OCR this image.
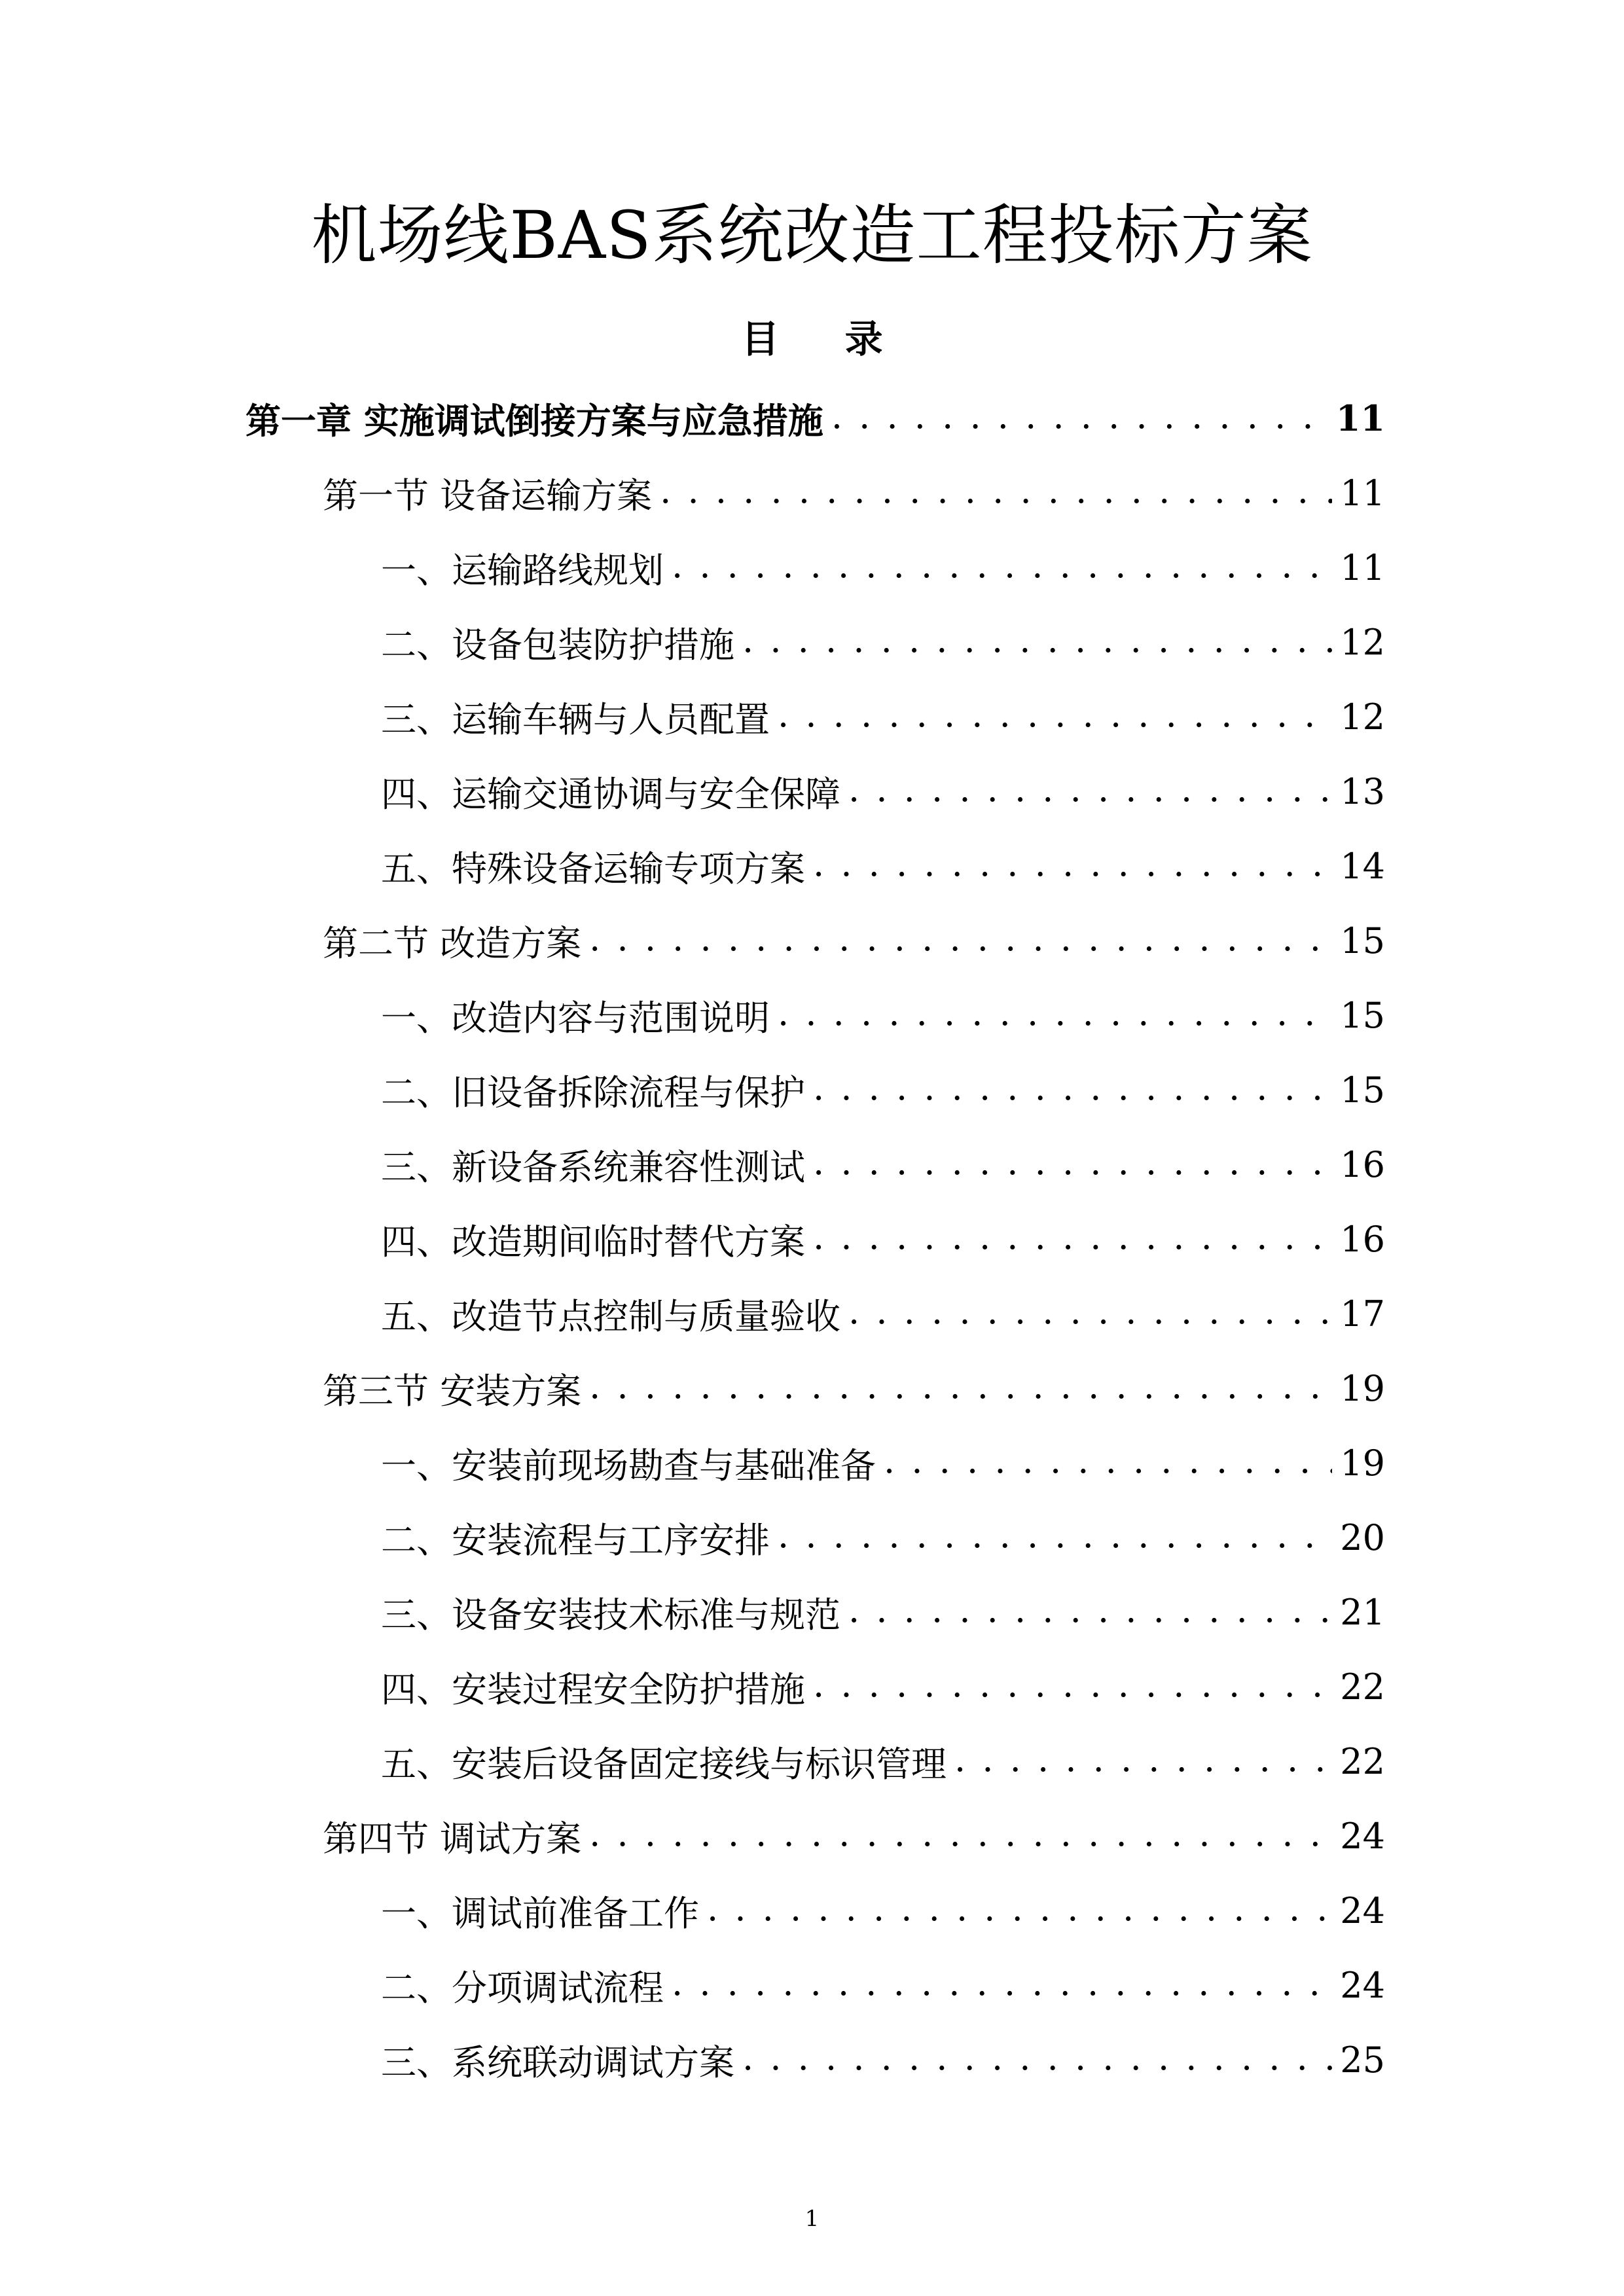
机场线BAS系统改造工程投标方案
目 录
第一章 实施调试倒接方案与应急措施 . . .	11
第一节 设备运输方案 . . .	11
一、运输路线规划 . . .	11
二、设备包装防护措施 . . .	12
三、运输车辆与人员配置 . . .	12
四、运输交通协调与安全保障 . . .	13
五、特殊设备运输专项方案 . . .	14
第二节 改造方案 . . .	15
一、改造内容与范围说明 . . .	15
二、旧设备拆除流程与保护 . . .	15
三、新设备系统兼容性测试 . . .	16
四、改造期间临时替代方案 . . .	16
五、改造节点控制与质量验收 . . .	17
第三节 安装方案 . . .	19
一、安装前现场勘查与基础准备 . . .	19
二、安装流程与工序安排 . . .	20
三、设备安装技术标准与规范 . . .	21
四、安装过程安全防护措施 . . .	22
五、安装后设备固定接线与标识管理 . . .	22
第四节 调试方案 . . .	24
一、调试前准备工作 . . .	24
二、分项调试流程 . . .	24
三、系统联动调试方案 . . .	25
1
